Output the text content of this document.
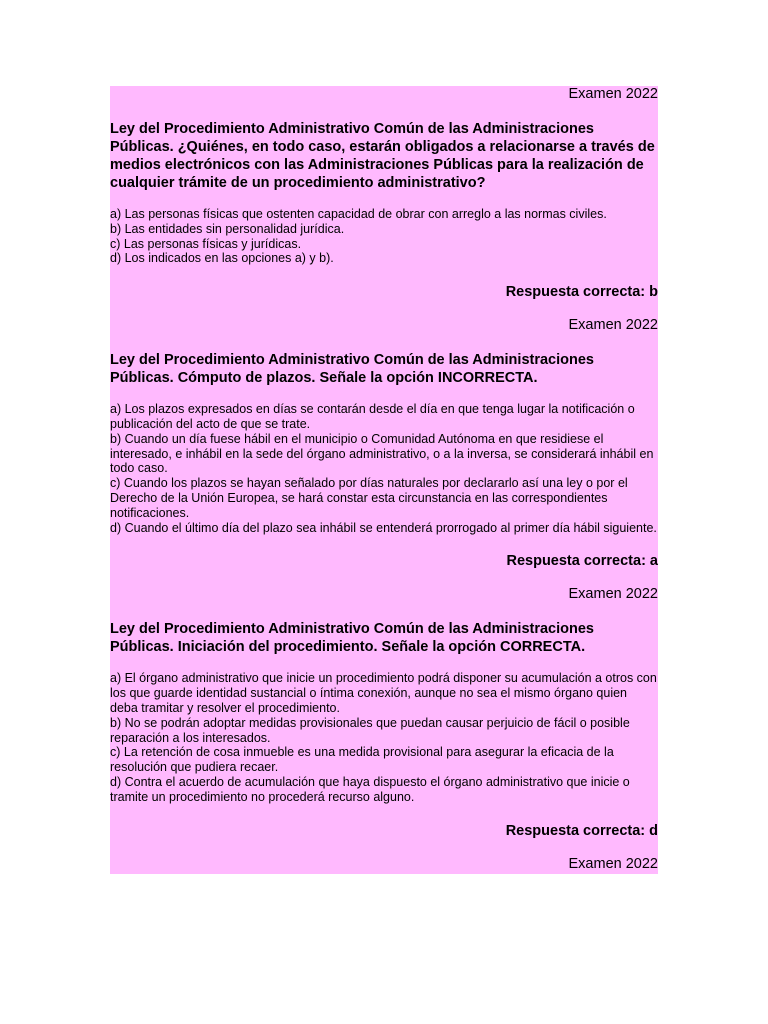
Examen 2022
Ley del Procedimiento Administrativo Común de las Administraciones Públicas. ¿Quiénes, en todo caso, estarán obligados a relacionarse a través de medios electrónicos con las Administraciones Públicas para la realización de cualquier trámite de un procedimiento administrativo?
a) Las personas físicas que ostenten capacidad de obrar con arreglo a las normas civiles.
b) Las entidades sin personalidad jurídica.
c) Las personas físicas y jurídicas.
d) Los indicados en las opciones a) y b).
Respuesta correcta: b
Examen 2022
Ley del Procedimiento Administrativo Común de las Administraciones Públicas. Cómputo de plazos. Señale la opción INCORRECTA.
a) Los plazos expresados en días se contarán desde el día en que tenga lugar la notificación o publicación del acto de que se trate.
b) Cuando un día fuese hábil en el municipio o Comunidad Autónoma en que residiese el interesado, e inhábil en la sede del órgano administrativo, o a la inversa, se considerará inhábil en todo caso.
c) Cuando los plazos se hayan señalado por días naturales por declararlo así una ley o por el Derecho de la Unión Europea, se hará constar esta circunstancia en las correspondientes notificaciones.
d) Cuando el último día del plazo sea inhábil se entenderá prorrogado al primer día hábil siguiente.
Respuesta correcta: a
Examen 2022
Ley del Procedimiento Administrativo Común de las Administraciones Públicas. Iniciación del procedimiento. Señale la opción CORRECTA.
a) El órgano administrativo que inicie un procedimiento podrá disponer su acumulación a otros con los que guarde identidad sustancial o íntima conexión, aunque no sea el mismo órgano quien deba tramitar y resolver el procedimiento.
b) No se podrán adoptar medidas provisionales que puedan causar perjuicio de fácil o posible reparación a los interesados.
c) La retención de cosa inmueble es una medida provisional para asegurar la eficacia de la resolución que pudiera recaer.
d) Contra el acuerdo de acumulación que haya dispuesto el órgano administrativo que inicie o tramite un procedimiento no procederá recurso alguno.
Respuesta correcta: d
Examen 2022
